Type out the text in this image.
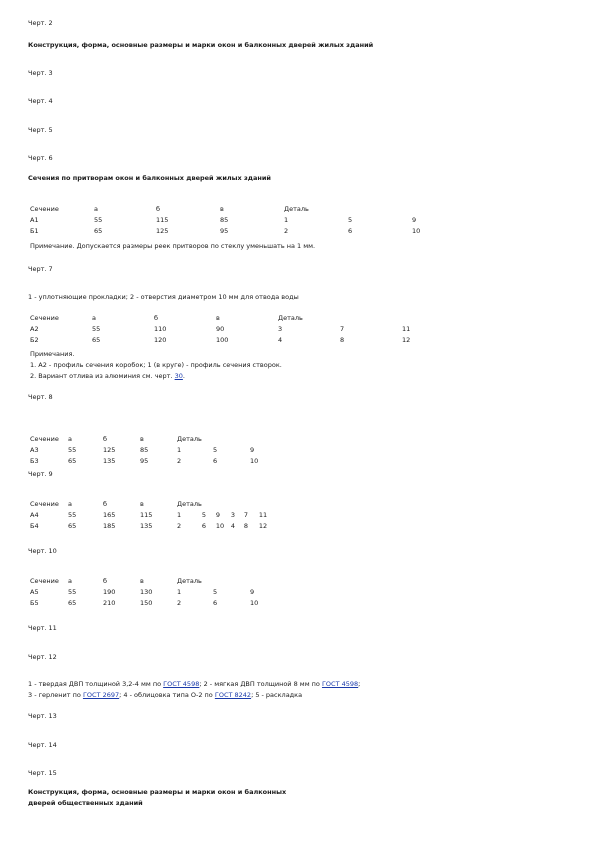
Черт. 2
Конструкция, форма, основные размеры и марки окон и балконных дверей жилых зданий
Черт. 3
Черт. 4
Черт. 5
Черт. 6
Сечения по притворам окон и балконных дверей жилых зданий
Сечение	а	б	в	Деталь		
А1	55	115	85	1	5	9
Б1	65	125	95	2	6	10
Примечание. Допускается размеры реек притворов по стеклу уменьшать на 1 мм.
Черт. 7
1 - уплотняющие прокладки; 2 - отверстия диаметром 10 мм для отвода воды
Сечение	а	б	в	Деталь		
А2	55	110	90	3	7	11
Б2	65	120	100	4	8	12
Примечания.
1. А2 - профиль сечения коробок; 1 (в круге) - профиль сечения створок.
2. Вариант отлива из алюминия см. черт. 30.
Черт. 8
Сечение	а	б	в	Деталь		
А3	55	125	85	1	5	9
Б3	65	135	95	2	6	10
Черт. 9
Сечение	а	б	в	Деталь					
А4	55	165	115	1	5	9	3	7	11
Б4	65	185	135	2	6	10	4	8	12
Черт. 10
Сечение	а	б	в	Деталь		
А5	55	190	130	1	5	9
Б5	65	210	150	2	6	10
Черт. 11
Черт. 12
1 - твердая ДВП толщиной 3,2-4 мм по ГОСТ 4598; 2 - мягкая ДВП толщиной 8 мм по ГОСТ 4598;
3 - герленит по ГОСТ 2697; 4 - облицовка типа О-2 по ГОСТ 8242; 5 - раскладка
Черт. 13
Черт. 14
Черт. 15
Конструкция, форма, основные размеры и марки окон и балконных
дверей общественных зданий
